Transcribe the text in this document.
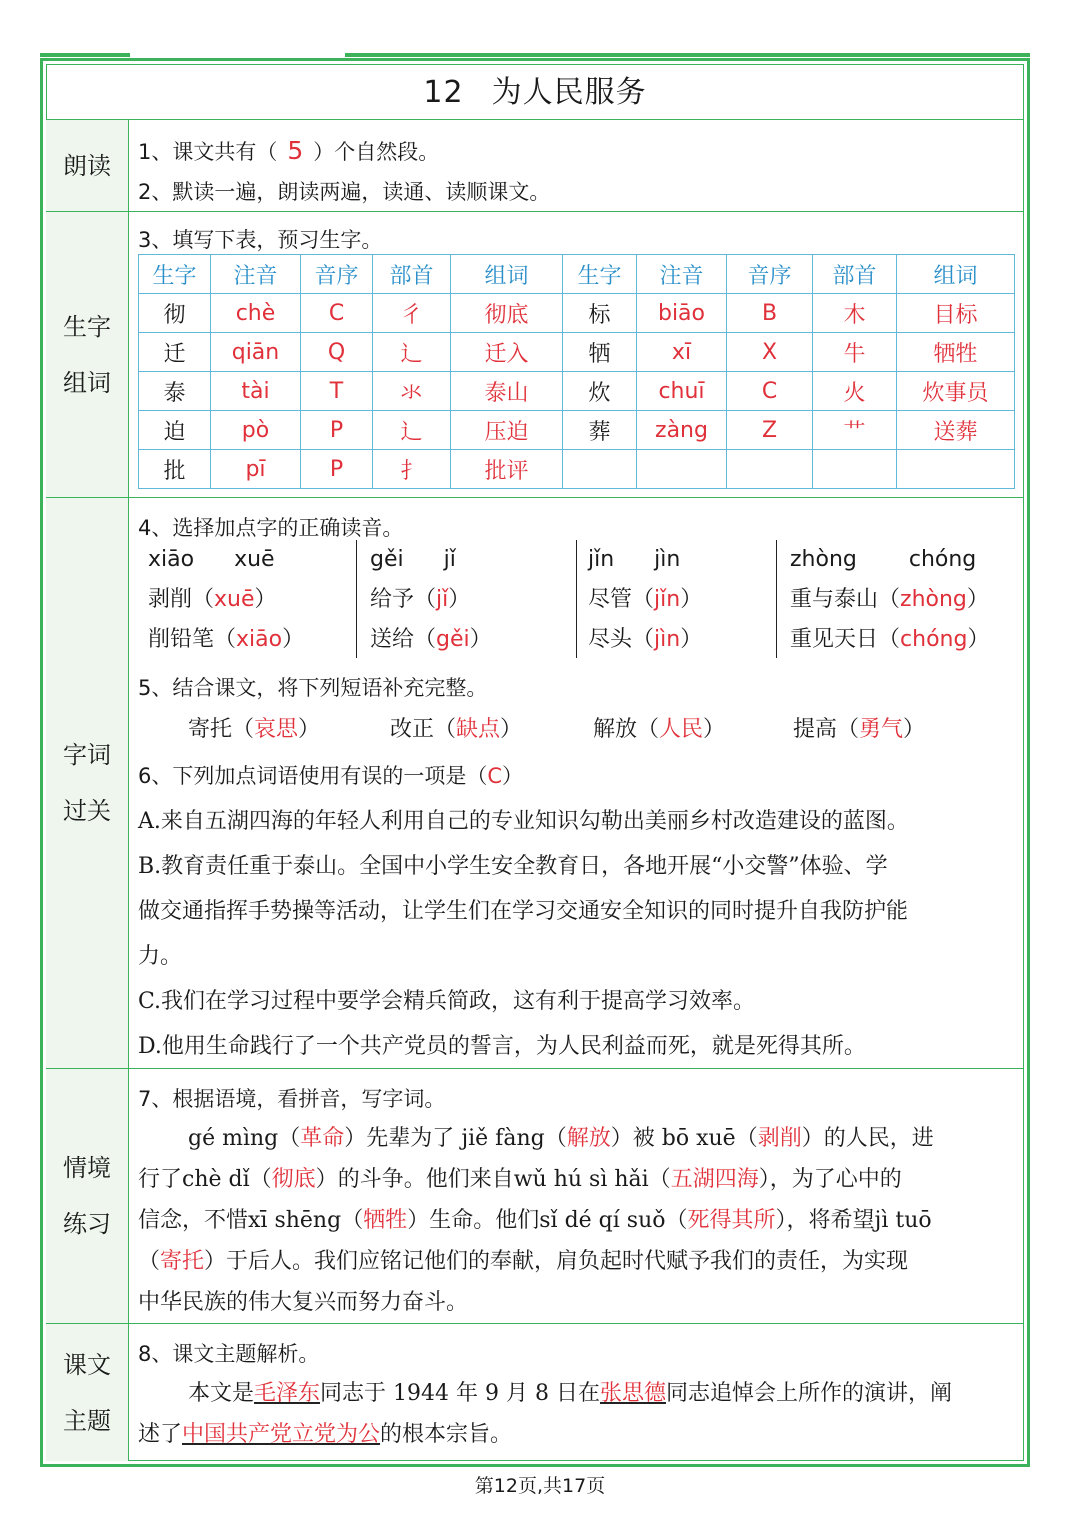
12 为人民服务
朗读 1、课文共有（ 5 ）个自然段。
2、默读一遍，朗读两遍，读通、读顺课文。
生字
组词
3、填写下表，预习生字。
生字	注音	音序	部首	组词	生字	注音	音序	部首	组词
彻	chè	C	彳	彻底	标	biāo	B	木	目标
迁	qiān	Q	辶	迁入	牺	xī	X	牛	牺牲
泰	tài	T	氺	泰山	炊	chuī	C	火	炊事员
迫	pò	P	辶	压迫	葬	zàng	Z	艹	送葬
批	pī	P	扌	批评					
字词
过关
4、选择加点字的正确读音。
xiāo xuē
剥削（xuē）
削铅笔（xiāo）
gěi jǐ
给予（jǐ）
送给（gěi）
jǐn jìn
尽管（jǐn）
尽头（jìn）
zhòng chóng
重与泰山（zhòng）
重见天日（chóng）
5、结合课文，将下列短语补充完整。
寄托（哀思）	改正（缺点）	解放（人民）	提高（勇气）
6、下列加点词语使用有误的一项是（C）
A.来自五湖四海的年轻人利用自己的专业知识勾勒出美丽乡村改造建设的蓝图。
B.教育责任重于泰山。全国中小学生安全教育日，各地开展“小交警”体验、学
做交通指挥手势操等活动，让学生们在学习交通安全知识的同时提升自我防护能
力。
C.我们在学习过程中要学会精兵简政，这有利于提高学习效率。
D.他用生命践行了一个共产党员的誓言，为人民利益而死，就是死得其所。
情境
练习
7、根据语境，看拼音，写字词。
gé mìng（革命）先辈为了 jiě fàng（解放）被 bō xuē（剥削）的人民，进
行了chè dǐ（彻底）的斗争。他们来自wǔ hú sì hǎi（五湖四海），为了心中的
信念，不惜xī shēng（牺牲）生命。他们sǐ dé qí suǒ（死得其所），将希望jì tuō
（寄托）于后人。我们应铭记他们的奉献，肩负起时代赋予我们的责任，为实现
中华民族的伟大复兴而努力奋斗。
课文
主题
8、课文主题解析。
本文是毛泽东同志于 1944 年 9 月 8 日在张思德同志追悼会上所作的演讲，阐
述了中国共产党立党为公的根本宗旨。
第12页,共17页
